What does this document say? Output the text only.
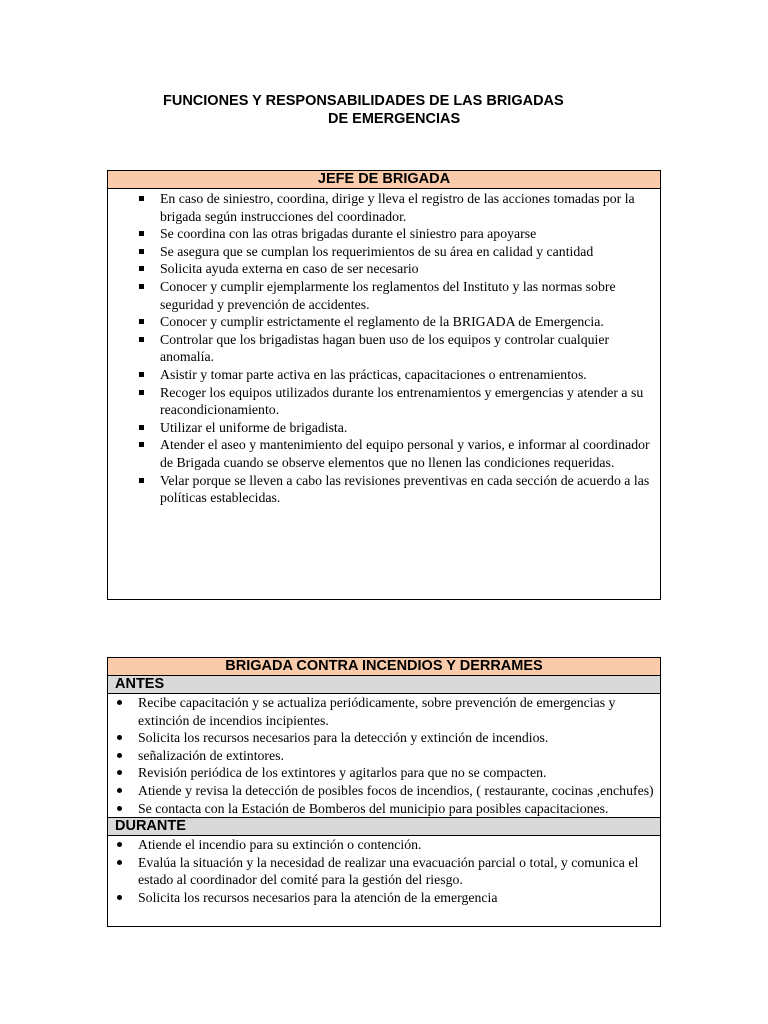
FUNCIONES Y RESPONSABILIDADES DE LAS BRIGADAS
DE EMERGENCIAS
JEFE DE BRIGADA
En caso de siniestro, coordina, dirige y lleva el registro de las acciones tomadas por la brigada según instrucciones del coordinador.
Se coordina con las otras brigadas durante el siniestro para apoyarse
Se asegura que se cumplan los requerimientos de su área en calidad y cantidad
Solicita ayuda externa en caso de ser necesario
Conocer y cumplir ejemplarmente los reglamentos del Instituto y las normas sobre seguridad y prevención de accidentes.
Conocer y cumplir estrictamente el reglamento de la BRIGADA de Emergencia.
Controlar que los brigadistas hagan buen uso de los equipos y controlar cualquier anomalía.
Asistir y tomar parte activa en las prácticas, capacitaciones o entrenamientos.
Recoger los equipos utilizados durante los entrenamientos y emergencias y atender a su reacondicionamiento.
Utilizar el uniforme de brigadista.
Atender el aseo y mantenimiento del equipo personal y varios, e informar al coordinador de Brigada cuando se observe elementos que no llenen las condiciones requeridas.
Velar porque se lleven a cabo las revisiones preventivas en cada sección de acuerdo a las políticas establecidas.
BRIGADA CONTRA INCENDIOS Y DERRAMES
ANTES
Recibe capacitación y se actualiza periódicamente, sobre prevención de emergencias y extinción de incendios incipientes.
Solicita los recursos necesarios para la detección y extinción de incendios.
señalización de extintores.
Revisión periódica de los extintores y agitarlos para que no se compacten.
Atiende y revisa la detección de posibles focos de incendios, ( restaurante, cocinas ,enchufes)
Se contacta con la Estación de Bomberos del municipio para posibles capacitaciones.
DURANTE
Atiende el incendio para su extinción o contención.
Evalúa la situación y la necesidad de realizar una evacuación parcial o total, y comunica el estado al coordinador del comité para la gestión del riesgo.
Solicita los recursos necesarios para la atención de la emergencia
